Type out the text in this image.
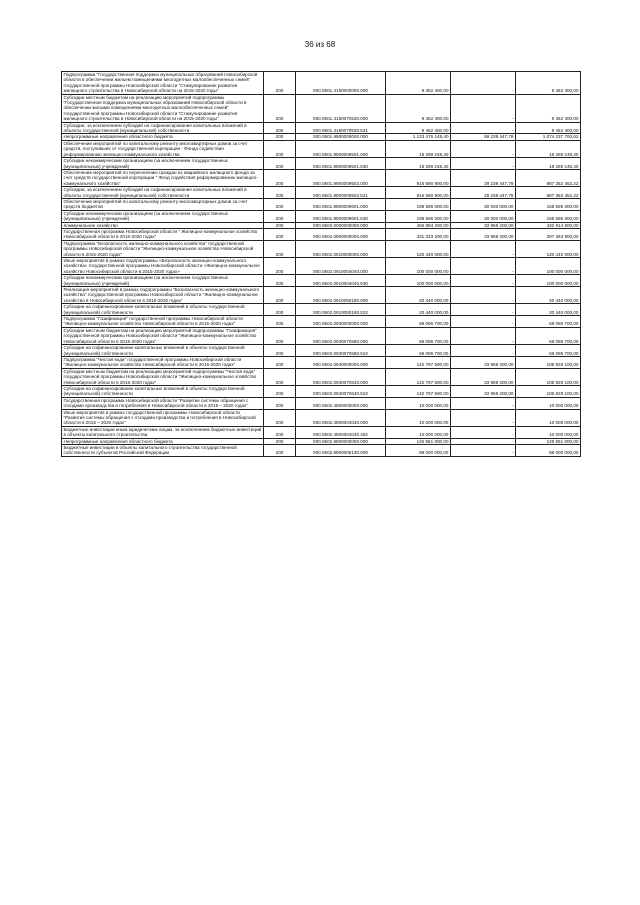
36 из 68
Подпрограмма "Государственная поддержка муниципальных образований Новосибирской области в обеспечении жильем помещениями многодетных малообеспеченных семей" государственной программы Новосибирской области "Стимулирование развития жилищного строительства в Новосибирской области на 2015-2020 годы"	200	000.0501.4150000000.000	9 452 400,00	-	9 452 400,00
Субсидии местным бюджетам на реализацию мероприятий подпрограммы "Государственная поддержка муниципальных образований Новосибирской области в обеспечении жилыми помещениями многодетных малообеспеченных семей" государственной программы Новосибирской области "Стимулирование развития жилищного строительства в Новосибирской области на 2015-2020 годы"	200	000.0501.4150070630.000	9 452 400,00	-	9 452 400,00
Субсидии, за исключением субсидий на софинансирование капитальных вложений в объекты государственной (муниципальной) собственности	200	000.0501.4150070630.521	9 452 400,00	-	9 452 400,00
Непрограммные направления областного бюджета	200	000.0501.9900000000.000	1 133 476 148,40	59 238 447,78	1 074 237 700,62
Обеспечение мероприятий по капитальному ремонту многоквартирных домов за счет средств, поступивших от государственной корпорации - Фонда содействия реформированию жилищно-коммунального хозяйства	200	000.0501.9900009501.000	18 289 248,40	-	18 289 248,40
Субсидии некоммерческим организациям (за исключением государственных (муниципальных) учреждений)	200	000.0501.9900009501.630	18 289 248,40	-	18 289 248,40
Обеспечение мероприятий по переселению граждан из аварийного жилищного фонда за счет средств государственной корпорации " Фонд содействия реформированию жилищно-коммунального хозяйства"	200	000.0501.9900009502.000	916 590 900,00	29 238 447,78	887 352 452,22
Субсидии, за исключением субсидий на софинансирование капитальных вложений в объекты государственной (муниципальной) собственности	200	000.0501.9900009502.521	916 590 900,00	29 238 447,78	887 352 452,22
Обеспечение мероприятий по капитальному ремонту многоквартирных домов за счет средств бюджетов	200	000.0501.9900009601.000	198 596 000,00	30 000 000,00	168 596 000,00
Субсидии некоммерческим организациям (за исключением государственных (муниципальных) учреждений)	200	000.0501.9900009601.630	198 596 000,00	30 000 000,00	168 596 000,00
Коммунальное хозяйство	200	000.0502.0000000000.000	466 884 200,00	33 969 400,00	432 914 800,00
Государственная программа Новосибирской области " Жилищно-коммунальное хозяйство Новосибирской области в 2015-2020 годах"	200	000.0502.0900000000.000	331 333 200,00	33 969 400,00	297 363 800,00
Подпрограмма "Безопасность жилищно-коммунального хозяйства" государственной программы Новосибирской области "Жилищно-коммунальное хозяйство Новосибирской области в 2015-2020 годах"	200	000.0502.0910000000.000	120 440 000,00	-	120 440 000,00
Иные мероприятия в рамках подпрограммы «Безопасность жилищно-коммунального хозяйства» государственной программы Новосибирской области «Жилищно-коммунальное хозяйство Новосибирской области в 2015-2020 годах»	200	000.0502.0910004040.000	100 000 000,00	-	100 000 000,00
Субсидии некоммерческим организациям (за исключением государственных (муниципальных) учреждений)	200	000.0502.0910004040.630	100 000 000,00	-	100 000 000,00
Реализация мероприятий в рамках подпрограммы "Безопасность жилищно-коммунального хозяйства" государственной программы Новосибирской области "Жилищно-коммунальное хозяйство в Новосибирской области в 2015-2020 годах"	200	000.0502.0910050180.000	20 440 000,00	-	20 440 000,00
Субсидии на софинансирование капитальных вложений в объекты государственной (муниципальной) собственности	200	000.0502.0910050180.522	20 440 000,00	-	20 440 000,00
Подпрограмма "Газификация" государственной программы Новосибирской области "Жилищно-коммунальное хозяйство Новосибирской области в 2015-2020 годах"	200	000.0502.0930000000.000	68 095 700,00	-	68 095 700,00
Субсидии местным бюджетам на реализацию мероприятий подпрограммы "Газификация" государственной программы Новосибирской области "Жилищно-коммунальное хозяйство Новосибирской области в 2015-2020 годах"	200	000.0502.0930070580.000	68 095 700,00	-	68 095 700,00
Субсидии на софинансирование капитальных вложений в объекты государственной (муниципальной) собственности	200	000.0502.0930070580.522	68 095 700,00	-	68 095 700,00
Подпрограмма "Чистая вода" государственной программы Новосибирской области "Жилищно-коммунальное хозяйство Новосибирской области в 2015-2020 годах"	200	000.0502.0940000000.000	142 797 500,00	33 969 400,00	108 828 100,00
Субсидии местным бюджетам на реализацию мероприятий подпрограммы "Чистая вода" государственной программы Новосибирской области "Жилищно-коммунальное хозяйство Новосибирской области в 2015-2020 годах"	200	000.0502.0940070640.000	142 797 500,00	33 969 400,00	108 828 100,00
Субсидии на софинансирование капитальных вложений в объекты государственной (муниципальной) собственности	200	000.0502.0940070640.522	142 797 500,00	33 969 400,00	108 828 100,00
Государственная программа Новосибирской области "Развитие системы обращения с отходами производства и потребления в Новосибирской области в 2015 – 2020 годах"	200	000.0502.4800000000.000	10 000 000,00	-	10 000 000,00
Иные мероприятия в рамках государственной программы Новосибирской области "Развитие системы обращения с отходами производства и потребления в Новосибирской области в 2015 – 2020 годах"	200	000.0502.4800004040.000	10 000 000,00	-	10 000 000,00
Бюджетные инвестиции иным юридическим лицам, за исключением бюджетных инвестиций в объекты капитального строительства	200	000.0502.4800004040.452	10 000 000,00	-	10 000 000,00
Непрограммные направления областного бюджета	200	000.0502.9900000000.000	125 551 000,00	-	125 551 000,00
Бюджетные инвестиции в объекты капитального строительства государственной собственности субъектов Российской Федерации	200	000.0502.9900006130.000	88 000 000,00	-	88 000 000,00
